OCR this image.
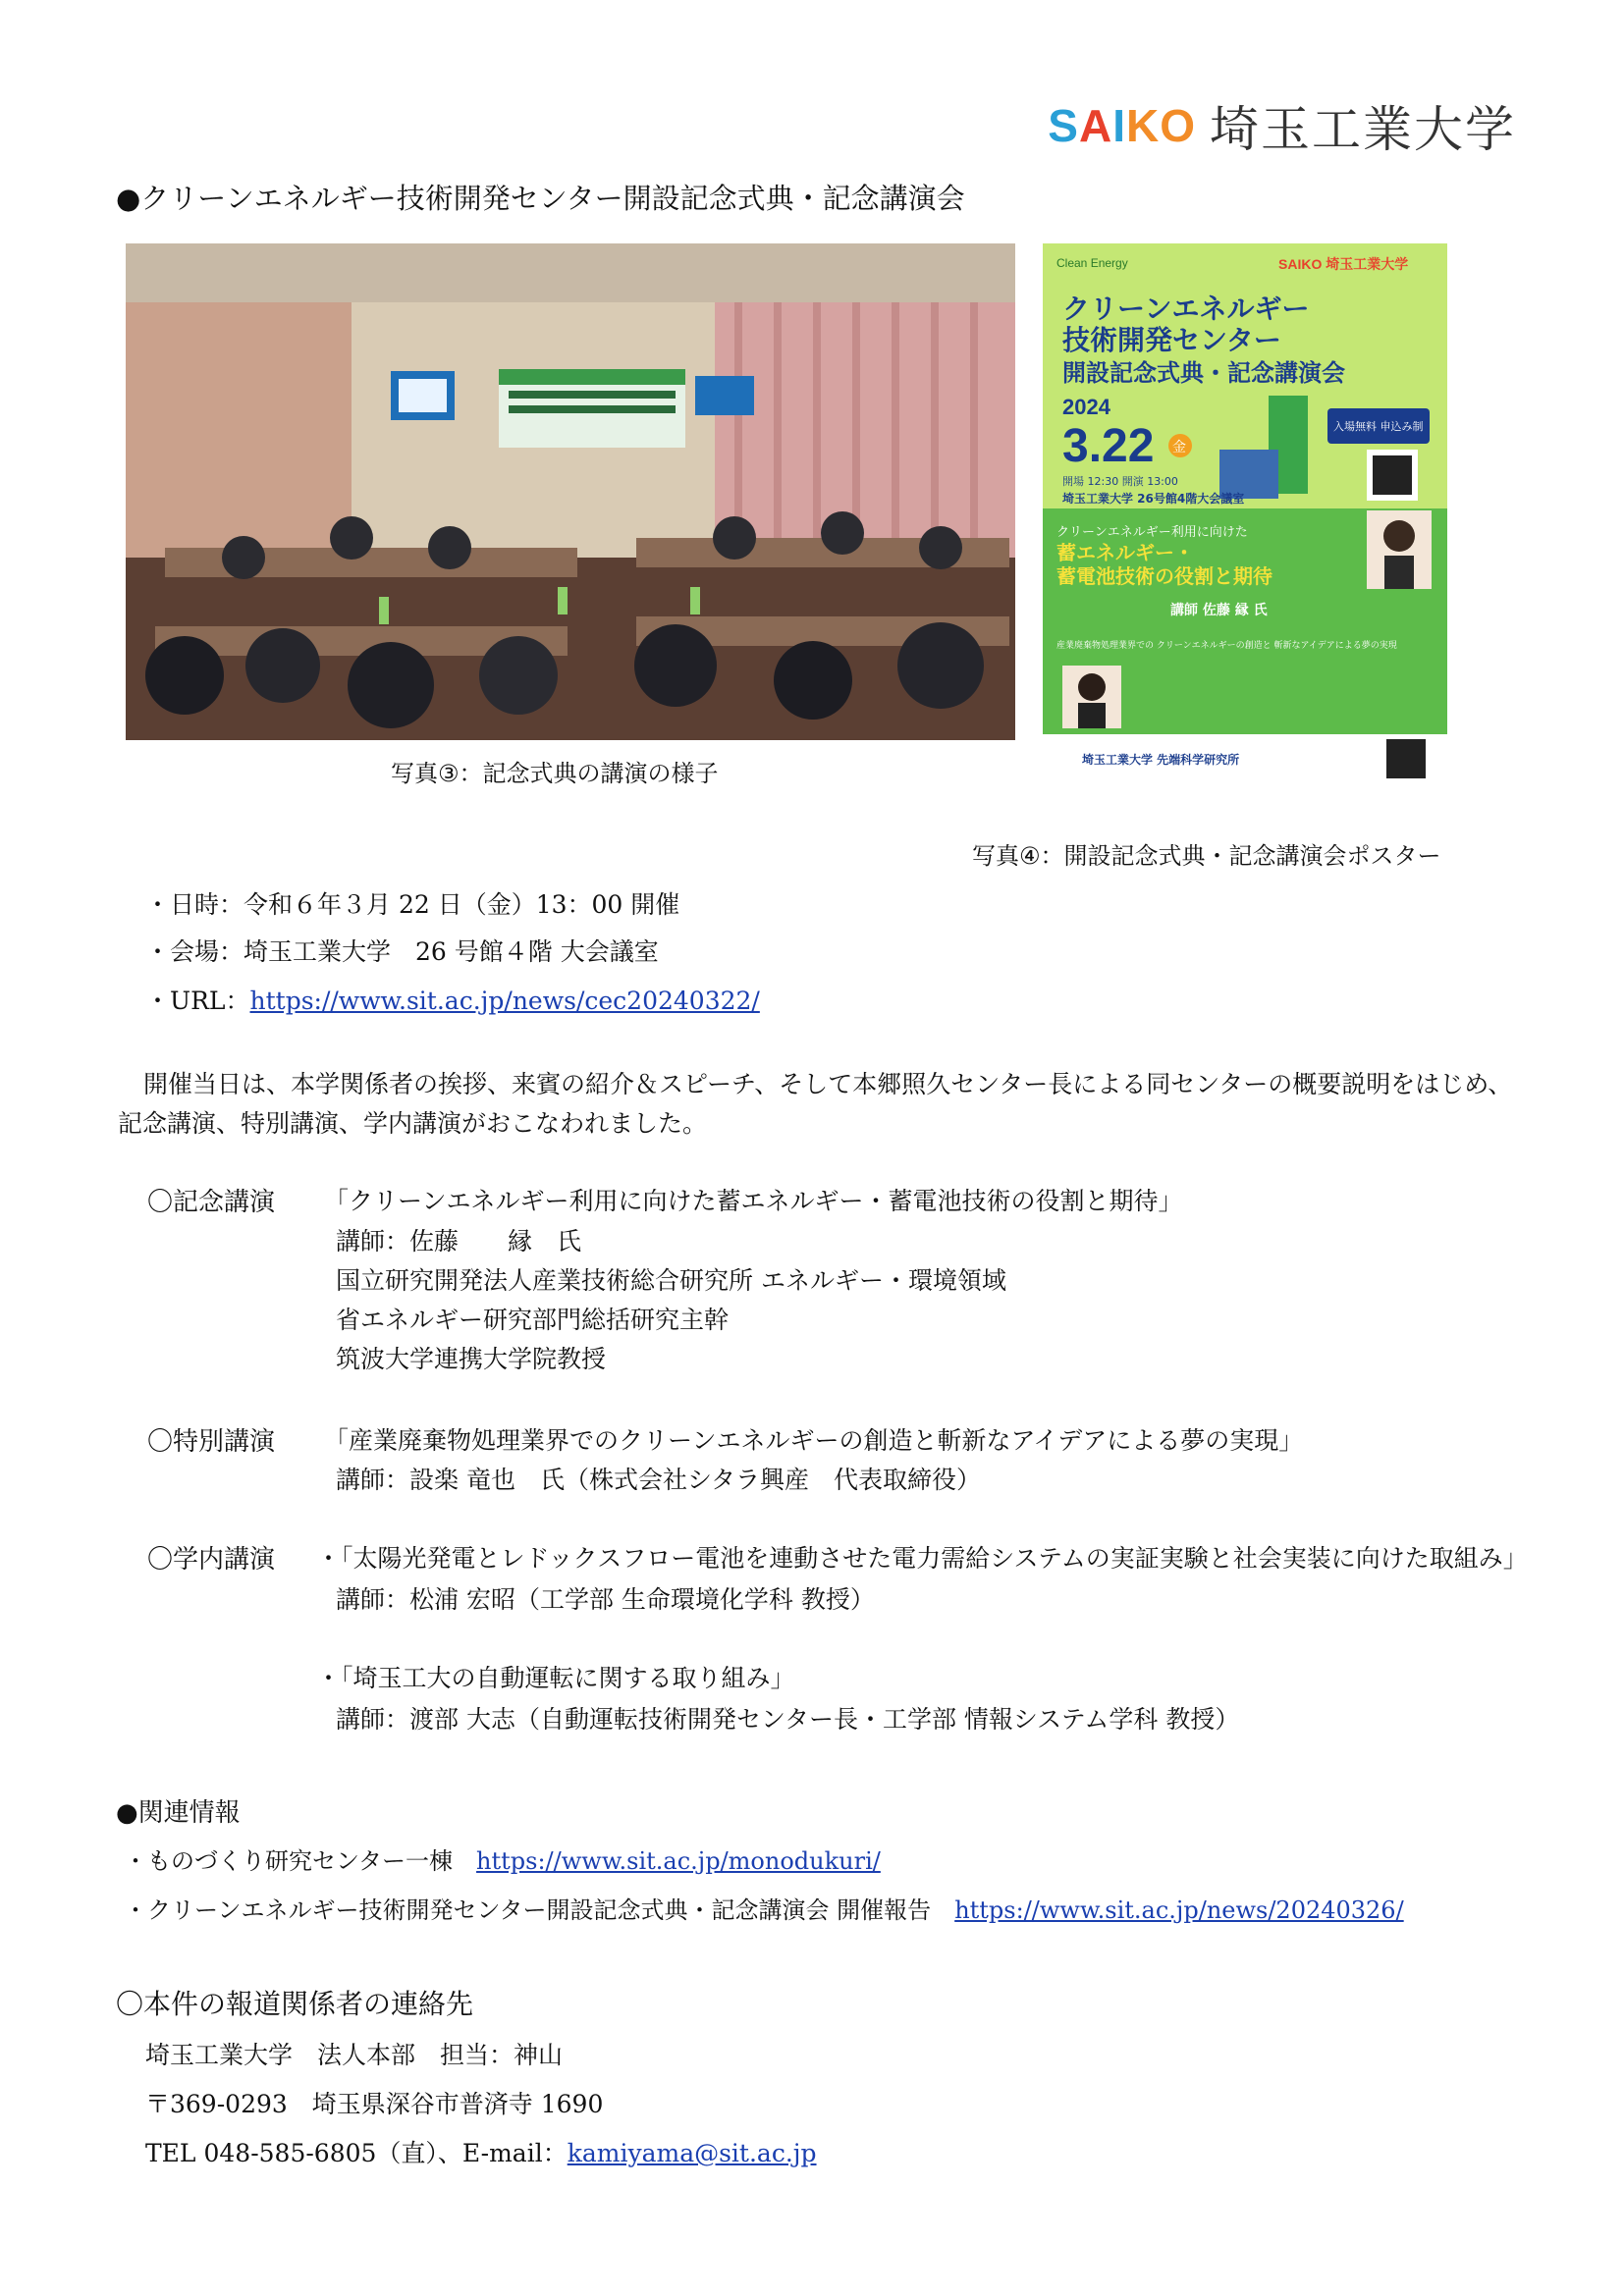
SAIKO 埼玉工業大学
●クリーンエネルギー技術開発センター開設記念式典・記念講演会
写真③：記念式典の講演の様子
Clean Energy	SAIKO 埼玉工業大学
クリーンエネルギー
技術開発センター
開設記念式典・記念講演会
2024
3.22 金
入場無料 申込み制
開場 12:30 開演 13:00
埼玉工業大学 26号館4階大会議室
クリーンエネルギー利用に向けた
蓄エネルギー・
蓄電池技術の役割と期待
講師 佐藤 縁 氏
産業廃棄物処理業界での クリーンエネルギーの創造と 斬新なアイデアによる夢の実現
埼玉工業大学 先端科学研究所
写真④：開設記念式典・記念講演会ポスター
・日時：令和６年３月 22 日（金）13：00 開催
・会場：埼玉工業大学　26 号館４階 大会議室
・URL：https://www.sit.ac.jp/news/cec20240322/
開催当日は、本学関係者の挨拶、来賓の紹介＆スピーチ、そして本郷照久センター長による同センターの概要説明をはじめ、記念講演、特別講演、学内講演がおこなわれました。
〇記念講演 「クリーンエネルギー利用に向けた蓄エネルギー・蓄電池技術の役割と期待」
講師：佐藤　　縁　氏
国立研究開発法人産業技術総合研究所 エネルギー・環境領域
省エネルギー研究部門総括研究主幹
筑波大学連携大学院教授
〇特別講演 「産業廃棄物処理業界でのクリーンエネルギーの創造と斬新なアイデアによる夢の実現」
講師：設楽 竜也　氏（株式会社シタラ興産　代表取締役）
〇学内講演 ・「太陽光発電とレドックスフロー電池を連動させた電力需給システムの実証実験と社会実装に向けた取組み」
講師：松浦 宏昭（工学部 生命環境化学科 教授）
・「埼玉工大の自動運転に関する取り組み」
講師：渡部 大志（自動運転技術開発センター長・工学部 情報システム学科 教授）
●関連情報
・ものづくり研究センター一棟　https://www.sit.ac.jp/monodukuri/
・クリーンエネルギー技術開発センター開設記念式典・記念講演会 開催報告　https://www.sit.ac.jp/news/20240326/
〇本件の報道関係者の連絡先
埼玉工業大学　法人本部　担当：神山
〒369-0293　埼玉県深谷市普済寺 1690
TEL 048-585-6805（直）、E-mail：kamiyama@sit.ac.jp
